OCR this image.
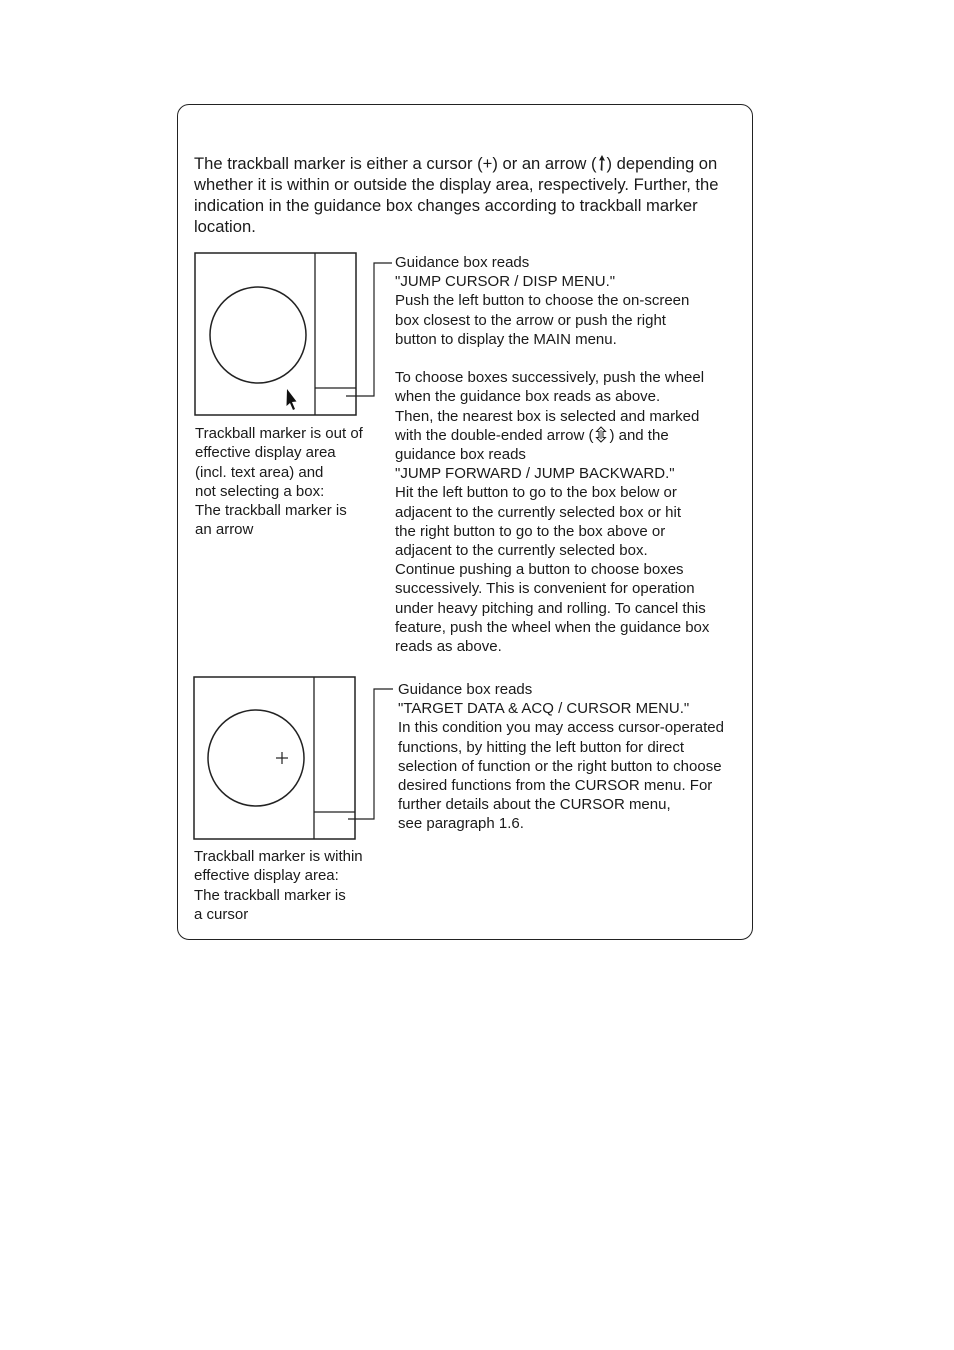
The trackball marker is either a cursor (+) or an arrow ( ) depending on whether it is within or outside the display area, respectively. Further, the indication in the guidance box changes according to trackball marker location.

Trackball marker is out of
effective display area
(incl. text area) and
not selecting a box:
The trackball marker is
an arrow

Guidance box reads
"JUMP CURSOR / DISP MENU."
Push the left button to choose the on-screen
box closest to the arrow or push the right
button to display the MAIN menu.
To choose boxes successively, push the wheel
when the guidance box reads as above.
Then, the nearest box is selected and marked
with the double-ended arrow ( ) and the
guidance box reads
"JUMP FORWARD / JUMP BACKWARD."
Hit the left button to go to the box below or
adjacent to the currently selected box or hit
the right button to go to the box above or
adjacent to the currently selected box.
Continue pushing a button to choose boxes
successively. This is convenient for operation
under heavy pitching and rolling. To cancel this
feature, push the wheel when the guidance box
reads as above.

Trackball marker is within
effective display area:
The trackball marker is
a cursor

Guidance box reads
"TARGET DATA & ACQ / CURSOR MENU."
In this condition you may access cursor-operated
functions, by hitting the left button for direct
selection of function or the right button to choose
desired functions from the CURSOR menu. For
further details about the CURSOR menu,
see paragraph 1.6.
